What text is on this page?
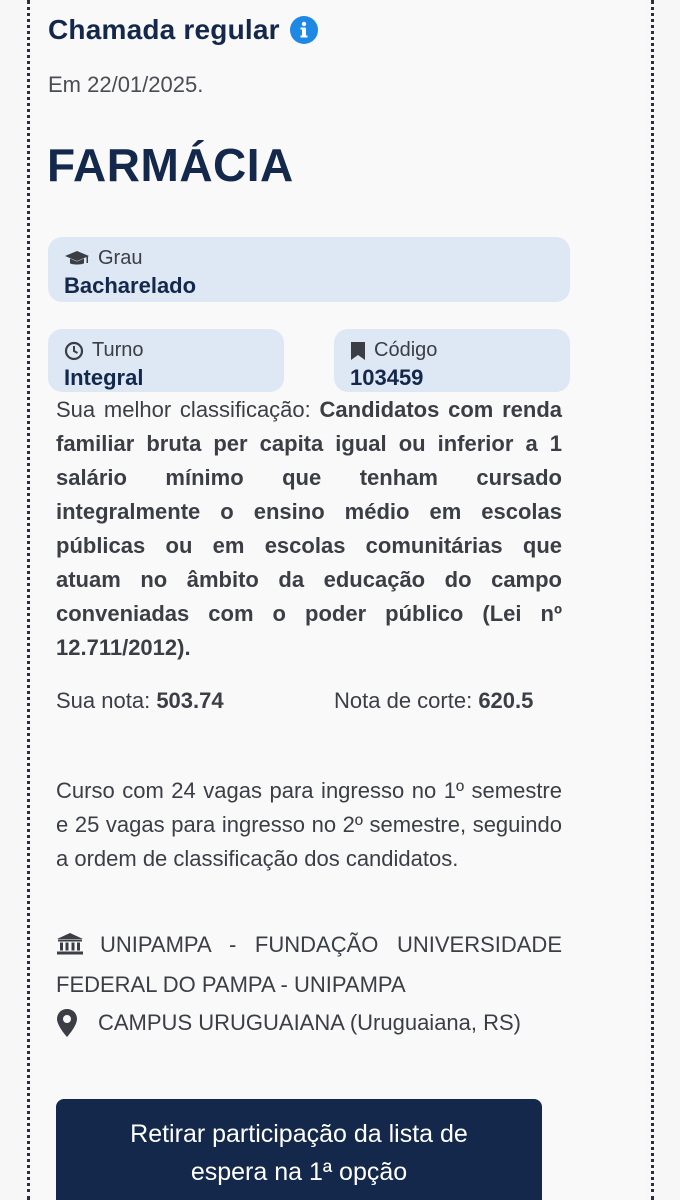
Chamada regular
Em 22/01/2025.
FARMÁCIA
Grau
Bacharelado
Turno
Integral
Código
103459
Sua melhor classificação: Candidatos com renda familiar bruta per capita igual ou inferior a 1 salário mínimo que tenham cursado integralmente o ensino médio em escolas públicas ou em escolas comunitárias que atuam no âmbito da educação do campo conveniadas com o poder público (Lei nº 12.711/2012).
Sua nota: 503.74	Nota de corte: 620.5
Curso com 24 vagas para ingresso no 1º semestre e 25 vagas para ingresso no 2º semestre, seguindo a ordem de classificação dos candidatos.
UNIPAMPA - FUNDAÇÃO UNIVERSIDADE FEDERAL DO PAMPA - UNIPAMPA
CAMPUS URUGUAIANA (Uruguaiana, RS)
Retirar participação da lista de
espera na 1ª opção
